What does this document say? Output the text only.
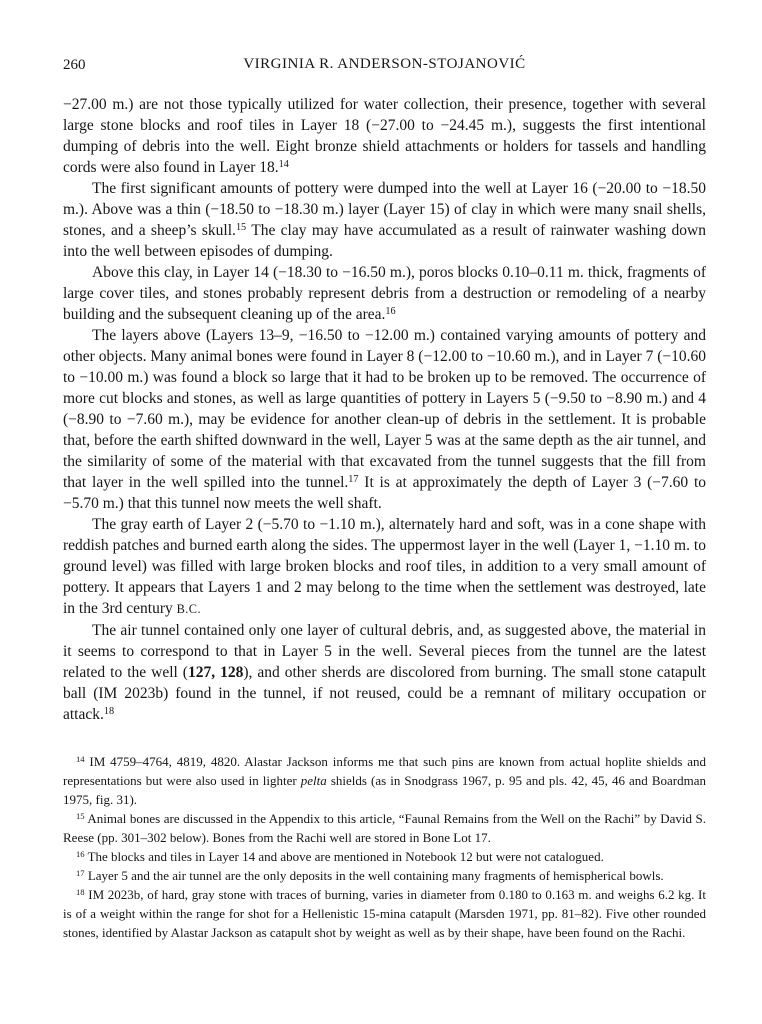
260	VIRGINIA R. ANDERSON-STOJANOVIĆ

−27.00 m.) are not those typically utilized for water collection, their presence, together with several large stone blocks and roof tiles in Layer 18 (−27.00 to −24.45 m.), suggests the first intentional dumping of debris into the well. Eight bronze shield attachments or holders for tassels and handling cords were also found in Layer 18.14

The first significant amounts of pottery were dumped into the well at Layer 16 (−20.00 to −18.50 m.). Above was a thin (−18.50 to −18.30 m.) layer (Layer 15) of clay in which were many snail shells, stones, and a sheep’s skull.$^{15}$ The clay may have accumulated as a result of rainwater washing down into the well between episodes of dumping.

Above this clay, in Layer 14 (−18.30 to −16.50 m.), poros blocks 0.10–0.11 m. thick, fragments of large cover tiles, and stones probably represent debris from a destruction or remodeling of a nearby building and the subsequent cleaning up of the area.$^{16}$

The layers above (Layers 13–9, −16.50 to −12.00 m.) contained varying amounts of pottery and other objects. Many animal bones were found in Layer 8 (−12.00 to −10.60 m.), and in Layer 7 (−10.60 to −10.00 m.) was found a block so large that it had to be broken up to be removed. The occurrence of more cut blocks and stones, as well as large quantities of pottery in Layers 5 (−9.50 to −8.90 m.) and 4 (−8.90 to −7.60 m.), may be evidence for another clean-up of debris in the settlement. It is probable that, before the earth shifted downward in the well, Layer 5 was at the same depth as the air tunnel, and the similarity of some of the material with that excavated from the tunnel suggests that the fill from that layer in the well spilled into the tunnel.$^{17}$ It is at approximately the depth of Layer 3 (−7.60 to −5.70 m.) that this tunnel now meets the well shaft.

The gray earth of Layer 2 (−5.70 to −1.10 m.), alternately hard and soft, was in a cone shape with reddish patches and burned earth along the sides. The uppermost layer in the well (Layer 1, −1.10 m. to ground level) was filled with large broken blocks and roof tiles, in addition to a very small amount of pottery. It appears that Layers 1 and 2 may belong to the time when the settlement was destroyed, late in the 3rd century B.C.

The air tunnel contained only one layer of cultural debris, and, as suggested above, the material in it seems to correspond to that in Layer 5 in the well. Several pieces from the tunnel are the latest related to the well (127, 128), and other sherds are discolored from burning. The small stone catapult ball (IM 2023b) found in the tunnel, if not reused, could be a remnant of military occupation or attack.$^{18}$

$^{14}$ IM 4759–4764, 4819, 4820. Alastar Jackson informs me that such pins are known from actual hoplite shields and representations but were also used in lighter pelta shields (as in Snodgrass 1967, p. 95 and pls. 42, 45, 46 and Boardman 1975, fig. 31).

$^{15}$ Animal bones are discussed in the Appendix to this article, “Faunal Remains from the Well on the Rachi” by David S. Reese (pp. 301–302 below). Bones from the Rachi well are stored in Bone Lot 17.

$^{16}$ The blocks and tiles in Layer 14 and above are mentioned in Notebook 12 but were not catalogued.

$^{17}$ Layer 5 and the air tunnel are the only deposits in the well containing many fragments of hemispherical bowls.

$^{18}$ IM 2023b, of hard, gray stone with traces of burning, varies in diameter from 0.180 to 0.163 m. and weighs 6.2 kg. It is of a weight within the range for shot for a Hellenistic 15-mina catapult (Marsden 1971, pp. 81–82). Five other rounded stones, identified by Alastar Jackson as catapult shot by weight as well as by their shape, have been found on the Rachi.
